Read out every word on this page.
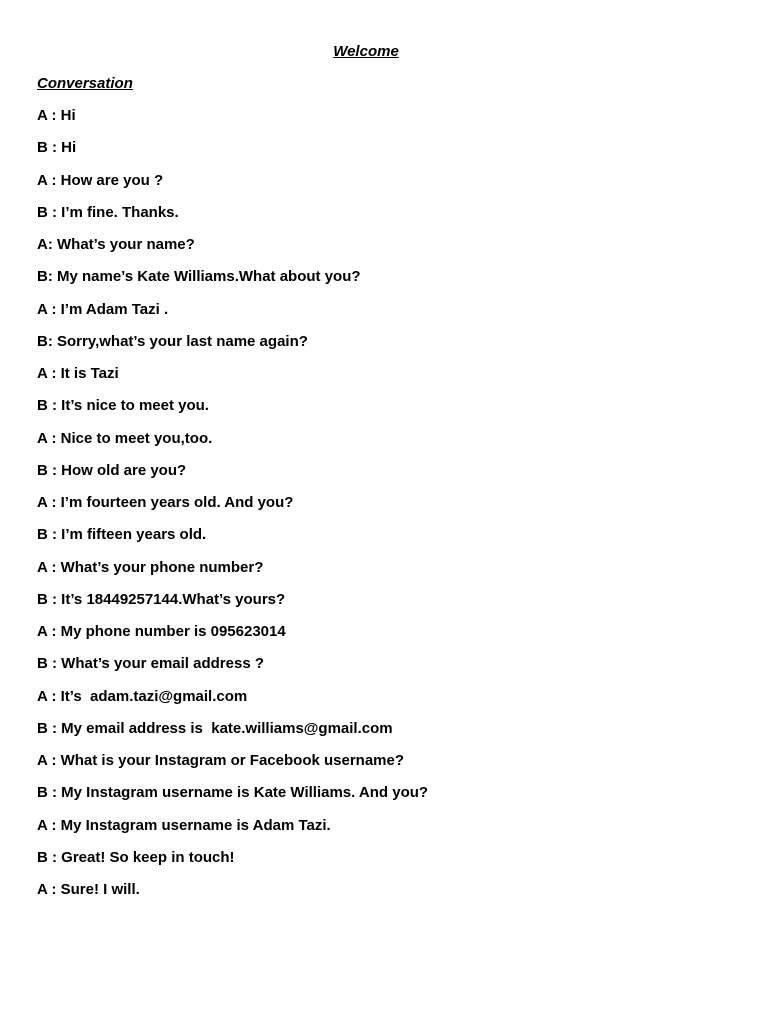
Welcome
Conversation
A : Hi
B : Hi
A : How are you ?
B : I’m fine. Thanks.
A: What’s your name?
B: My name’s Kate Williams.What about you?
A : I’m Adam Tazi .
B: Sorry,what’s your last name again?
A : It is Tazi
B : It’s nice to meet you.
A : Nice to meet you,too.
B : How old are you?
A : I’m fourteen years old. And you?
B : I’m fifteen years old.
A : What’s your phone number?
B : It’s 18449257144.What’s yours?
A : My phone number is 095623014
B : What’s your email address ?
A : It’s  adam.tazi@gmail.com
B : My email address is  kate.williams@gmail.com
A : What is your Instagram or Facebook username?
B : My Instagram username is Kate Williams. And you?
A : My Instagram username is Adam Tazi.
B : Great! So keep in touch!
A : Sure! I will.
